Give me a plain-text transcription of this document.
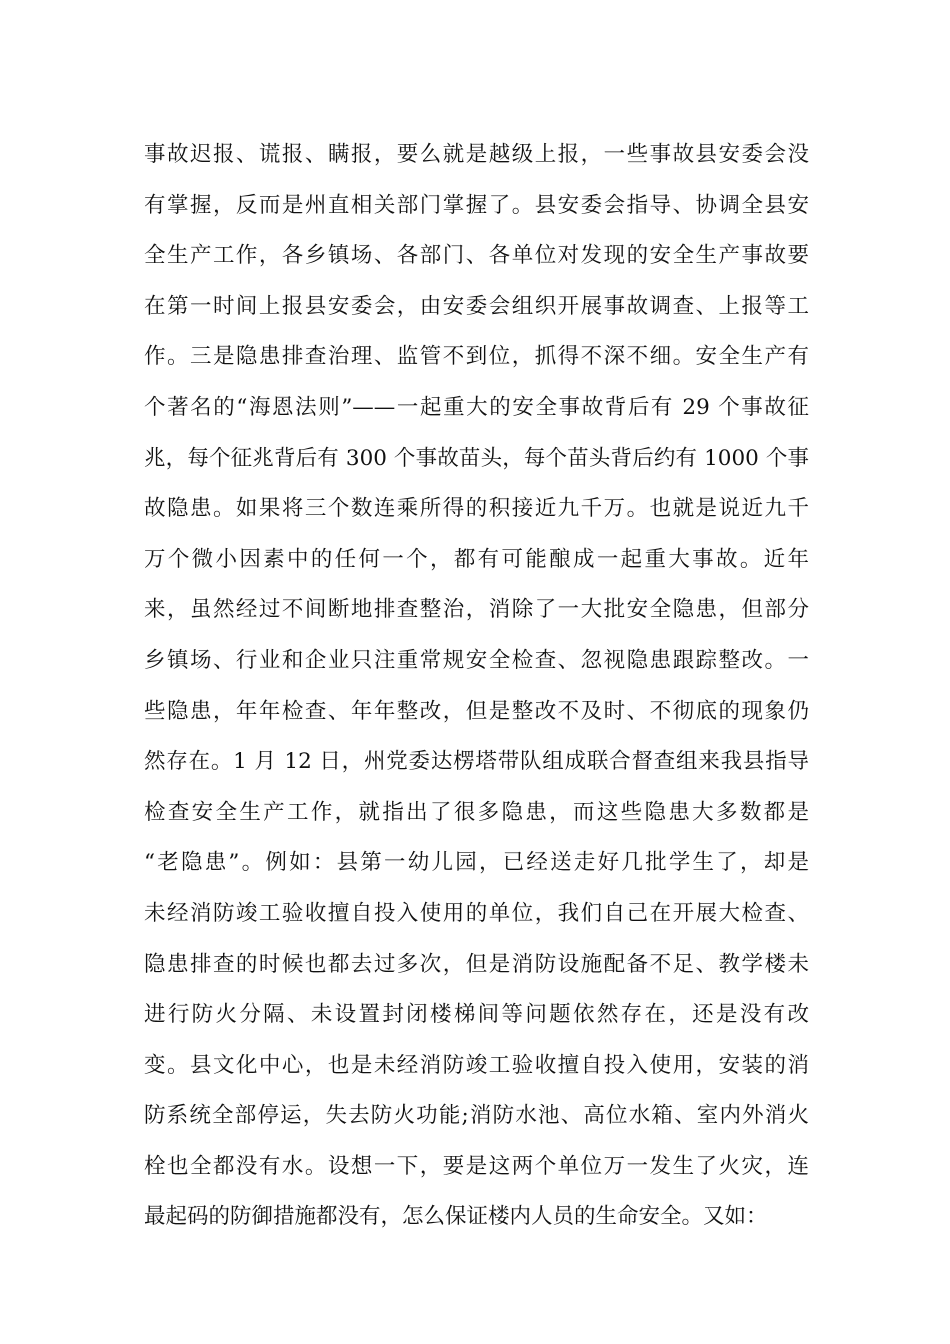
事故迟报、谎报、瞒报，要么就是越级上报，一些事故县安委会没
有掌握，反而是州直相关部门掌握了。县安委会指导、协调全县安
全生产工作，各乡镇场、各部门、各单位对发现的安全生产事故要
在第一时间上报县安委会，由安委会组织开展事故调查、上报等工
作。三是隐患排查治理、监管不到位，抓得不深不细。安全生产有
个著名的“海恩法则”——一起重大的安全事故背后有 29 个事故征
兆，每个征兆背后有 300 个事故苗头，每个苗头背后约有 1000 个事
故隐患。如果将三个数连乘所得的积接近九千万。也就是说近九千
万个微小因素中的任何一个，都有可能酿成一起重大事故。近年
来，虽然经过不间断地排查整治，消除了一大批安全隐患，但部分
乡镇场、行业和企业只注重常规安全检查、忽视隐患跟踪整改。一
些隐患，年年检查、年年整改，但是整改不及时、不彻底的现象仍
然存在。1 月 12 日，州党委达楞塔带队组成联合督查组来我县指导
检查安全生产工作，就指出了很多隐患，而这些隐患大多数都是
“老隐患”。例如：县第一幼儿园，已经送走好几批学生了，却是
未经消防竣工验收擅自投入使用的单位，我们自己在开展大检查、
隐患排查的时候也都去过多次，但是消防设施配备不足、教学楼未
进行防火分隔、未设置封闭楼梯间等问题依然存在，还是没有改
变。县文化中心，也是未经消防竣工验收擅自投入使用，安装的消
防系统全部停运，失去防火功能;消防水池、高位水箱、室内外消火
栓也全都没有水。设想一下，要是这两个单位万一发生了火灾，连
最起码的防御措施都没有，怎么保证楼内人员的生命安全。又如：
